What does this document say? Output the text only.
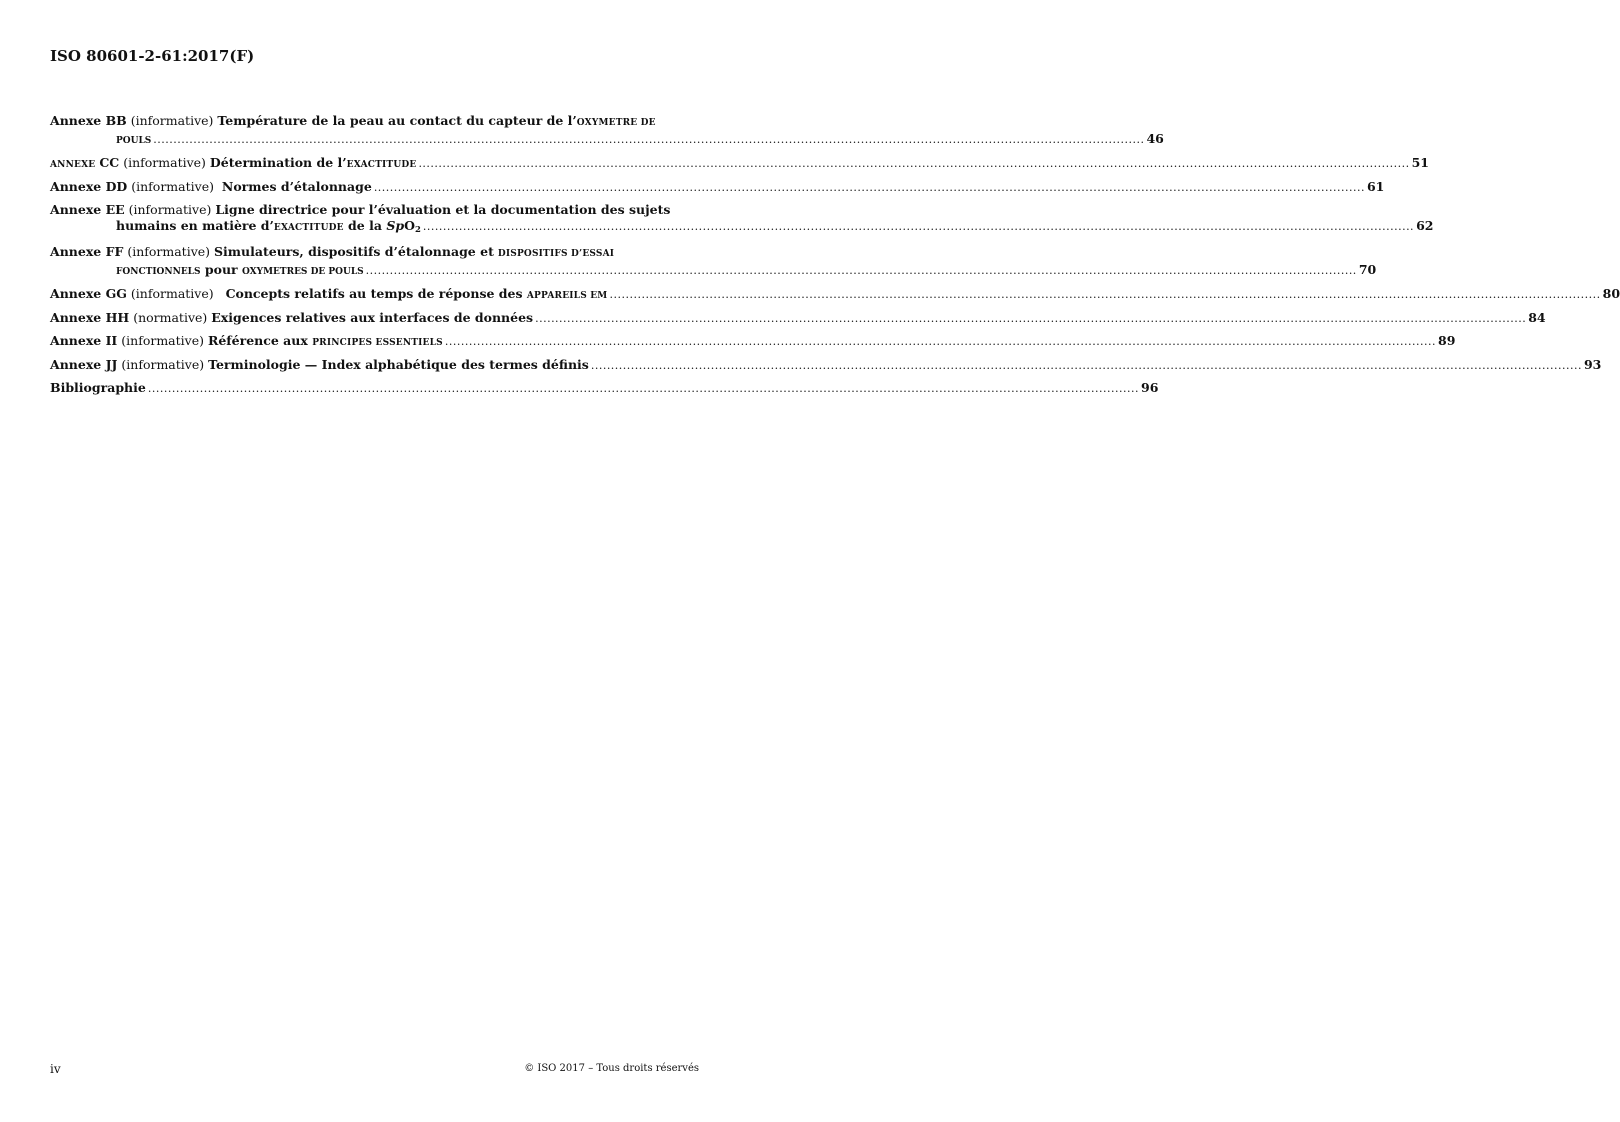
ISO 80601-2-61:2017(F)
Annexe BB (informative) Température de la peau au contact du capteur de l’OXYMETRE DE
POULS ........................................................................................................................................................................................................................................................ 46
ANNEXE CC (informative) Détermination de l’EXACTITUDE ........................................................................................................................................................................................................................................................ 51
Annexe DD (informative) Normes d’étalonnage ........................................................................................................................................................................................................................................................ 61
Annexe EE (informative) Ligne directrice pour l’évaluation et la documentation des sujets
humains en matière d’EXACTITUDE de la SpO$_2$ ........................................................................................................................................................................................................................................................ 62
Annexe FF (informative) Simulateurs, dispositifs d’étalonnage et DISPOSITIFS D’ESSAI
FONCTIONNELS pour OXYMETRES DE POULS ........................................................................................................................................................................................................................................................ 70
Annexe GG (informative) Concepts relatifs au temps de réponse des APPAREILS EM ........................................................................................................................................................................................................................................................ 80
Annexe HH (normative) Exigences relatives aux interfaces de données ........................................................................................................................................................................................................................................................ 84
Annexe II (informative) Référence aux PRINCIPES ESSENTIELS ........................................................................................................................................................................................................................................................ 89
Annexe JJ (informative) Terminologie — Index alphabétique des termes définis ........................................................................................................................................................................................................................................................ 93
Bibliographie ........................................................................................................................................................................................................................................................ 96
iv	© ISO 2017 – Tous droits réservés
